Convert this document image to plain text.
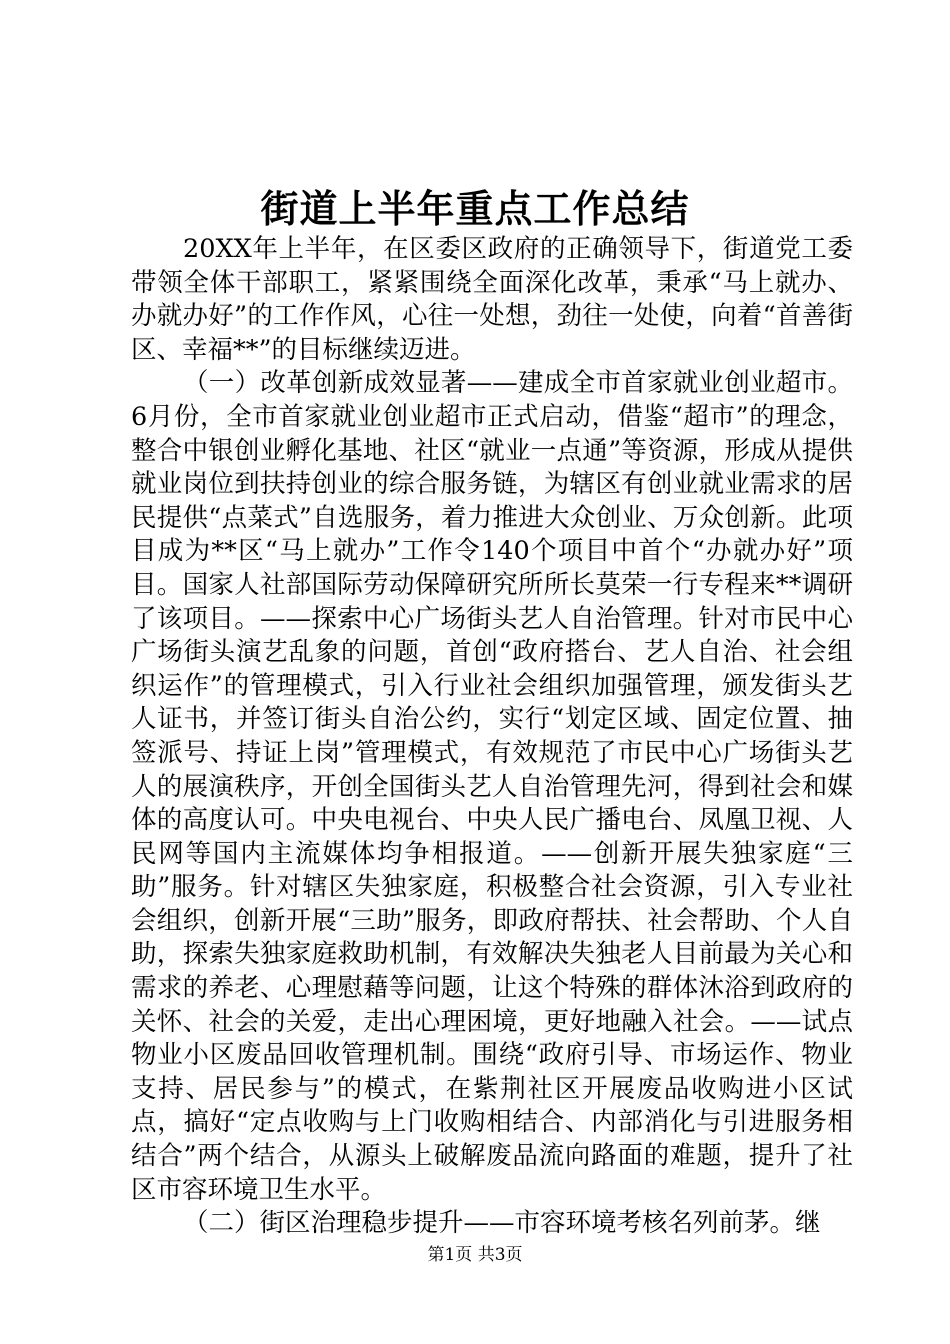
街道上半年重点工作总结

20XX年上半年，在区委区政府的正确领导下，街道党工委带领全体干部职工，紧紧围绕全面深化改革，秉承“马上就办、办就办好”的工作作风，心往一处想，劲往一处使，向着“首善街区、幸福**”的目标继续迈进。

（一）改革创新成效显著——建成全市首家就业创业超市。6月份，全市首家就业创业超市正式启动，借鉴“超市”的理念，整合中银创业孵化基地、社区“就业一点通”等资源，形成从提供就业岗位到扶持创业的综合服务链，为辖区有创业就业需求的居民提供“点菜式”自选服务，着力推进大众创业、万众创新。此项目成为**区“马上就办”工作令140个项目中首个“办就办好”项目。国家人社部国际劳动保障研究所所长莫荣一行专程来**调研了该项目。——探索中心广场街头艺人自治管理。针对市民中心广场街头演艺乱象的问题，首创“政府搭台、艺人自治、社会组织运作”的管理模式，引入行业社会组织加强管理，颁发街头艺人证书，并签订街头自治公约，实行“划定区域、固定位置、抽签派号、持证上岗”管理模式，有效规范了市民中心广场街头艺人的展演秩序，开创全国街头艺人自治管理先河，得到社会和媒体的高度认可。中央电视台、中央人民广播电台、凤凰卫视、人民网等国内主流媒体均争相报道。——创新开展失独家庭“三助”服务。针对辖区失独家庭，积极整合社会资源，引入专业社会组织，创新开展“三助”服务，即政府帮扶、社会帮助、个人自助，探索失独家庭救助机制，有效解决失独老人目前最为关心和需求的养老、心理慰藉等问题，让这个特殊的群体沐浴到政府的关怀、社会的关爱，走出心理困境，更好地融入社会。——试点物业小区废品回收管理机制。围绕“政府引导、市场运作、物业支持、居民参与”的模式，在紫荆社区开展废品收购进小区试点，搞好“定点收购与上门收购相结合、内部消化与引进服务相结合”两个结合，从源头上破解废品流向路面的难题，提升了社区市容环境卫生水平。

（二）街区治理稳步提升——市容环境考核名列前茅。继

第1页 共3页
